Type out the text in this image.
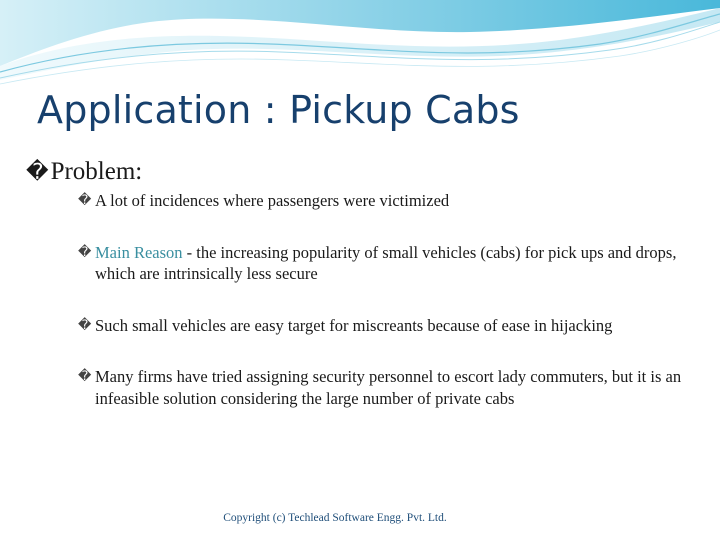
Application : Pickup Cabs
� Problem:
� A lot of incidences where passengers were victimized
� Main Reason - the increasing popularity of small vehicles (cabs) for pick ups and drops, which are intrinsically less secure
� Such small vehicles are easy target for miscreants because of ease in hijacking
� Many firms have tried assigning security personnel to escort lady commuters, but it is an infeasible solution considering the large number of private cabs
Copyright (c) Techlead Software Engg. Pvt. Ltd.
